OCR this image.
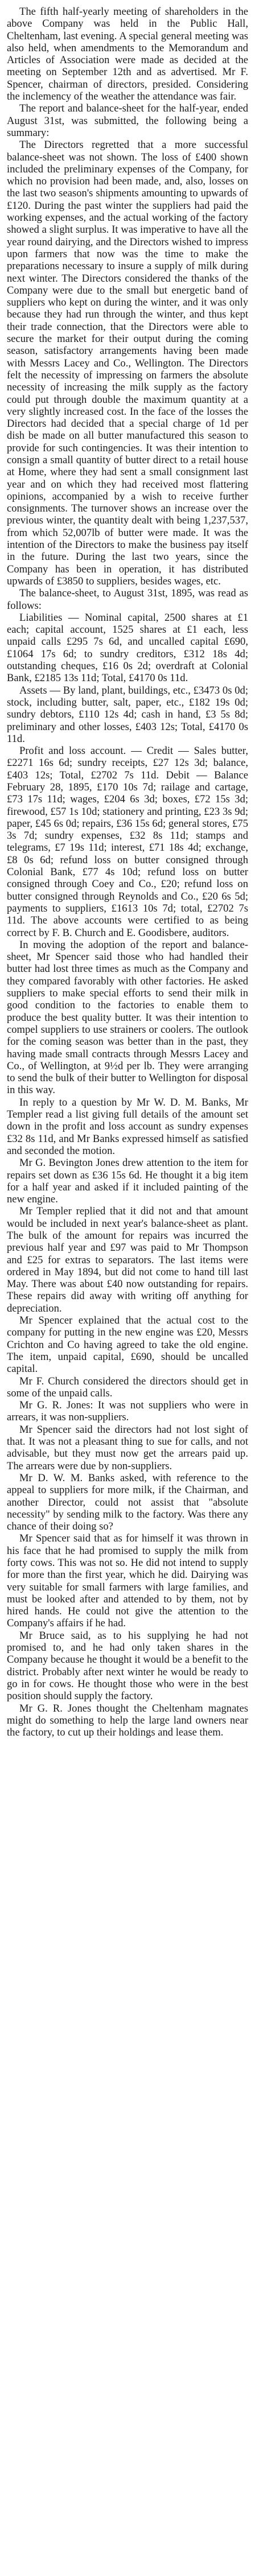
The fifth half-yearly meeting of shareholders in the above Company was held in the Public Hall, Cheltenham, last evening. A special general meeting was also held, when amendments to the Memorandum and Articles of Association were made as decided at the meeting on September 12th and as advertised. Mr F. Spencer, chairman of directors, presided. Considering the inclemency of the weather the attendance was fair.

The report and balance-sheet for the half-year, ended August 31st, was submitted, the following being a summary:

The Directors regretted that a more successful balance-sheet was not shown. The loss of £400 shown included the preliminary expenses of the Company, for which no provision had been made, and, also, losses on the last two season's shipments amounting to upwards of £120. During the past winter the suppliers had paid the working expenses, and the actual working of the factory showed a slight surplus. It was imperative to have all the year round dairying, and the Directors wished to impress upon farmers that now was the time to make the preparations necessary to insure a supply of milk during next winter. The Directors considered the thanks of the Company were due to the small but energetic band of suppliers who kept on during the winter, and it was only because they had run through the winter, and thus kept their trade connection, that the Directors were able to secure the market for their output during the coming season, satisfactory arrangements having been made with Messrs Lacey and Co., Wellington. The Directors felt the necessity of impressing on farmers the absolute necessity of increasing the milk supply as the factory could put through double the maximum quantity at a very slightly increased cost. In the face of the losses the Directors had decided that a special charge of 1d per dish be made on all butter manufactured this season to provide for such contingencies. It was their intention to consign a small quantity of butter direct to a retail house at Home, where they had sent a small consignment last year and on which they had received most flattering opinions, accompanied by a wish to receive further consignments. The turnover shows an increase over the previous winter, the quantity dealt with being 1,237,537, from which 52,007lb of butter were made. It was the intention of the Directors to make the business pay itself in the future. During the last two years, since the Company has been in operation, it has distributed upwards of £3850 to suppliers, besides wages, etc.

The balance-sheet, to August 31st, 1895, was read as follows:

Liabilities — Nominal capital, 2500 shares at £1 each; capital account, 1525 shares at £1 each, less unpaid calls £295 7s 6d, and uncalled capital £690, £1064 17s 6d; to sundry creditors, £312 18s 4d; outstanding cheques, £16 0s 2d; overdraft at Colonial Bank, £2185 13s 11d; Total, £4170 0s 11d.

Assets — By land, plant, buildings, etc., £3473 0s 0d; stock, including butter, salt, paper, etc., £182 19s 0d; sundry debtors, £110 12s 4d; cash in hand, £3 5s 8d; preliminary and other losses, £403 12s; Total, £4170 0s 11d.

Profit and loss account. — Credit — Sales butter, £2271 16s 6d; sundry receipts, £27 12s 3d; balance, £403 12s; Total, £2702 7s 11d. Debit — Balance February 28, 1895, £170 10s 7d; railage and cartage, £73 17s 11d; wages, £204 6s 3d; boxes, £72 15s 3d; firewood, £57 1s 10d; stationery and printing, £23 3s 9d; paper, £45 6s 0d; repairs, £36 15s 6d; general stores, £75 3s 7d; sundry expenses, £32 8s 11d; stamps and telegrams, £7 19s 11d; interest, £71 18s 4d; exchange, £8 0s 6d; refund loss on butter consigned through Colonial Bank, £77 4s 10d; refund loss on butter consigned through Coey and Co., £20; refund loss on butter consigned through Reynolds and Co., £20 6s 5d; payments to suppliers, £1613 10s 7d; total, £2702 7s 11d. The above accounts were certified to as being correct by F. B. Church and E. Goodisbere, auditors.

In moving the adoption of the report and balance-sheet, Mr Spencer said those who had handled their butter had lost three times as much as the Company and they compared favorably with other factories. He asked suppliers to make special efforts to send their milk in good condition to the factories to enable them to produce the best quality butter. It was their intention to compel suppliers to use strainers or coolers. The outlook for the coming season was better than in the past, they having made small contracts through Messrs Lacey and Co., of Wellington, at 9½d per lb. They were arranging to send the bulk of their butter to Wellington for disposal in this way.

In reply to a question by Mr W. D. M. Banks, Mr Templer read a list giving full details of the amount set down in the profit and loss account as sundry expenses £32 8s 11d, and Mr Banks expressed himself as satisfied and seconded the motion.

Mr G. Bevington Jones drew attention to the item for repairs set down as £36 15s 6d. He thought it a big item for a half year and asked if it included painting of the new engine.

Mr Templer replied that it did not and that amount would be included in next year's balance-sheet as plant. The bulk of the amount for repairs was incurred the previous half year and £97 was paid to Mr Thompson and £25 for extras to separators. The last items were ordered in May 1894, but did not come to hand till last May. There was about £40 now outstanding for repairs. These repairs did away with writing off anything for depreciation.

Mr Spencer explained that the actual cost to the company for putting in the new engine was £20, Messrs Crichton and Co having agreed to take the old engine. The item, unpaid capital, £690, should be uncalled capital.

Mr F. Church considered the directors should get in some of the unpaid calls.

Mr G. R. Jones: It was not suppliers who were in arrears, it was non-suppliers.

Mr Spencer said the directors had not lost sight of that. It was not a pleasant thing to sue for calls, and not advisable, but they must now get the arrears paid up. The arrears were due by non-suppliers.

Mr D. W. M. Banks asked, with reference to the appeal to suppliers for more milk, if the Chairman, and another Director, could not assist that "absolute necessity" by sending milk to the factory. Was there any chance of their doing so?

Mr Spencer said that as for himself it was thrown in his face that he had promised to supply the milk from forty cows. This was not so. He did not intend to supply for more than the first year, which he did. Dairying was very suitable for small farmers with large families, and must be looked after and attended to by them, not by hired hands. He could not give the attention to the Company's affairs if he had.

Mr Bruce said, as to his supplying he had not promised to, and he had only taken shares in the Company because he thought it would be a benefit to the district. Probably after next winter he would be ready to go in for cows. He thought those who were in the best position should supply the factory.

Mr G. R. Jones thought the Cheltenham magnates might do something to help the large land owners near the factory, to cut up their holdings and lease them.
